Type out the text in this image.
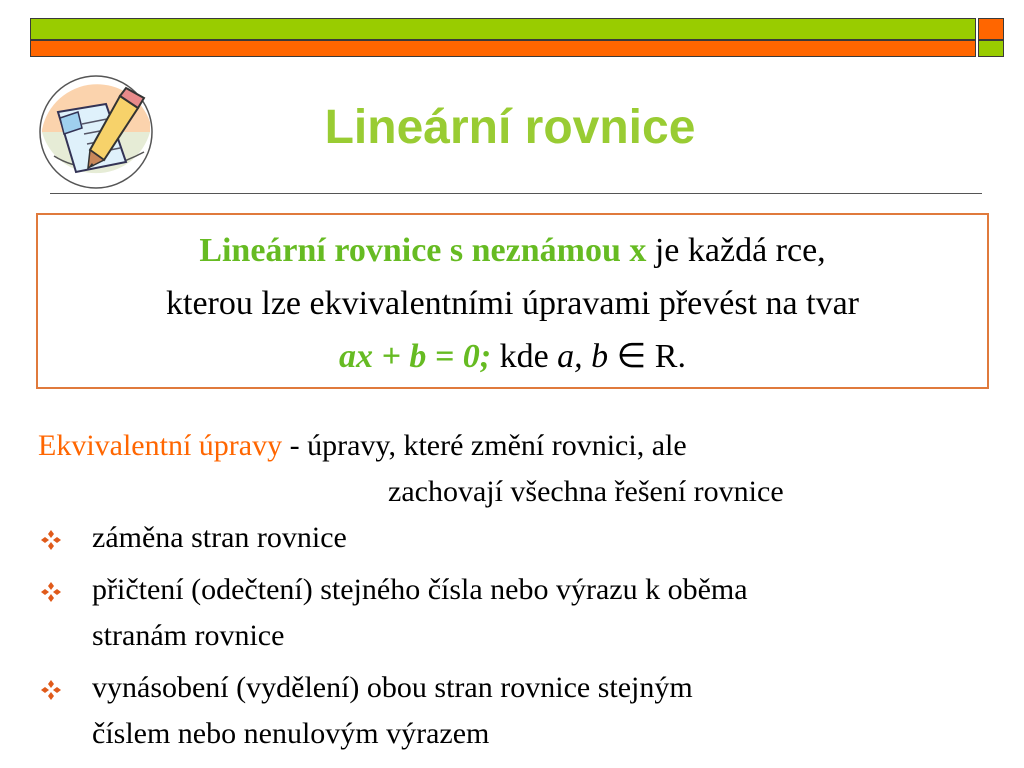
Lineární rovnice
Lineární rovnice s neznámou x je každá rce,
kterou lze ekvivalentními úpravami převést na tvar
ax + b = 0; kde a, b ∈ R.
Ekvivalentní úpravy - úpravy, které změní rovnici, ale
zachovají všechna řešení rovnice
záměna stran rovnice
přičtení (odečtení) stejného čísla nebo výrazu k oběma
stranám rovnice
vynásobení (vydělení) obou stran rovnice stejným
číslem nebo nenulovým výrazem
